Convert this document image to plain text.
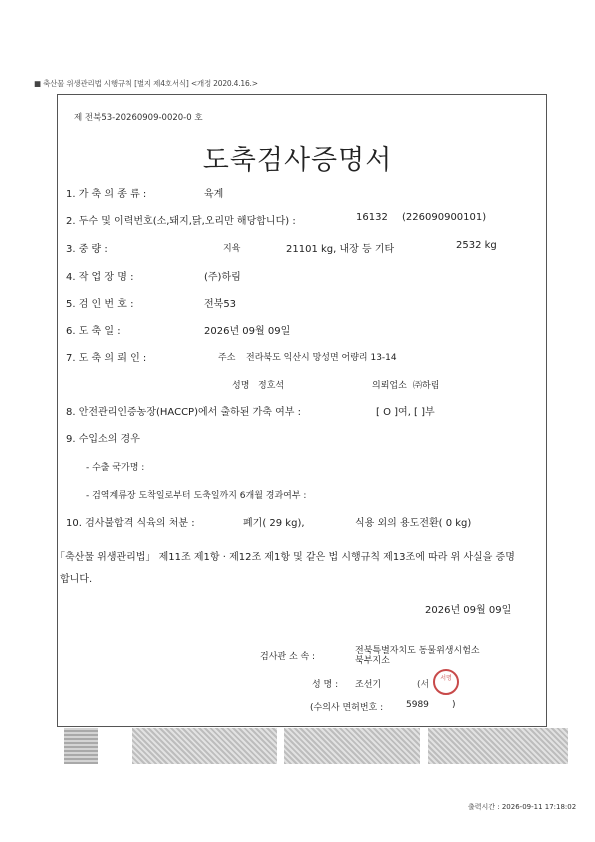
■ 축산물 위생관리법 시행규칙 [별지 제4호서식] <개정 2020.4.16.>
제 전북53-20260909-0020-0 호
도축검사증명서
1. 가 축 의 종 류 :	육계
2. 두수 및 이력번호(소,돼지,닭,오리만 해당합니다) :	16132 (226090900101)
3. 중 량 :	지육	21101 kg, 내장 등 기타	2532 kg
4. 작 업 장 명 :	(주)하림
5. 검 인 번 호 :	전북53
6. 도 축 일 :	2026년 09월 09일
7. 도 축 의 뢰 인 :	주소 전라북도 익산시 망성면 어량리 13-14
성명 정호석	의뢰업소 ㈜하림
8. 안전관리인증농장(HACCP)에서 출하된 가축 여부 :	[ O ]여, [ ]부
9. 수입소의 경우
- 수출 국가명 :
- 검역계류장 도착일로부터 도축일까지 6개월 경과여부 :
10. 검사불합격 식육의 처분 :	폐기( 29 kg),	식용 외의 용도전환( 0 kg)
「축산물 위생관리법」 제11조 제1항 · 제12조 제1항 및 같은 법 시행규칙 제13조에 따라 위 사실을 증명
합니다.
2026년 09월 09일
검사관 소 속 :
전북특별자치도 동물위생시험소
북부지소
성 명 : 조선기	(서
서명
(수의사 면허번호 :	5989	)
출력시간 : 2026-09-11 17:18:02
